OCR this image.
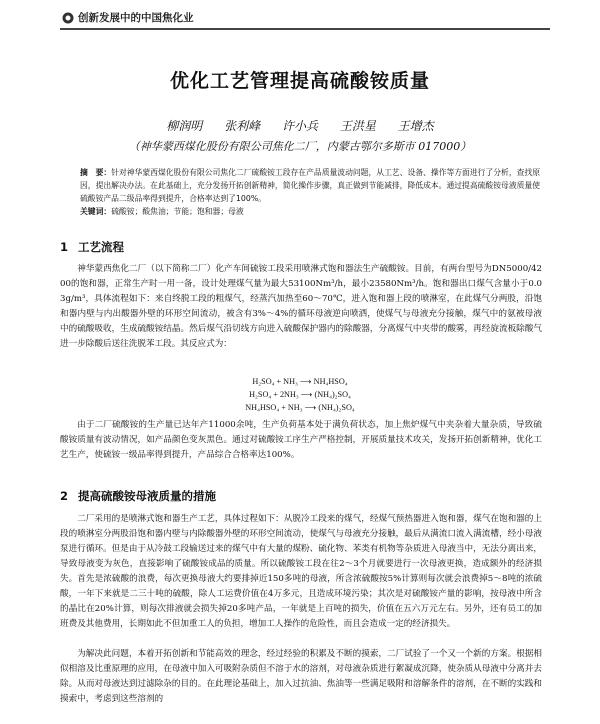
创新发展中的中国焦化业
优化工艺管理提高硫酸铵质量
柳润明 张利峰 许小兵 王洪星 王增杰
（神华蒙西煤化股份有限公司焦化二厂，内蒙古鄂尔多斯市 017000）
摘　要：针对神华蒙西煤化股份有限公司焦化二厂硫酸铵工段存在产品质量波动问题，从工艺、设备、操作等方面进行了分析，查找原因，提出解决办法。在此基础上，充分发扬开拓创新精神，简化操作步骤，真正做到节能减排，降低成本。通过提高硫酸铵母液质量使硫酸铵产品二级品率得到提升，合格率达到了100%。
关键词：硫酸铵；酸焦油；节能；饱和器；母液
1 工艺流程
神华蒙西焦化二厂（以下简称二厂）化产车间硫铵工段采用喷淋式饱和器法生产硫酸铵。目前，有两台型号为DN5000/4200的饱和器，正常生产时一用一备，设计处理煤气量为最大53100Nm³/h，最小23580Nm³/h。饱和器出口煤气含量小于0.03g/m³，具体流程如下：来自终脱工段的粗煤气，经蒸汽加热至60～70℃，进入饱和器上段的喷淋室，在此煤气分两股，沿饱和器内壁与内出酸器外壁的环形空间流动，被含有3%～4%的循环母液逆向喷洒，使煤气与母液充分接触，煤气中的氨被母液中的硫酸吸收，生成硫酸铵结晶。然后煤气沿切线方向进入硫酸保护器内的除酸器，分离煤气中夹带的酸雾，再经旋流板除酸气进一步除酸后送往洗脱苯工段。其反应式为：
H₂SO₄ + NH₃ ⟶ NH₄HSO₄
H₂SO₄ + 2NH₃ ⟶ (NH₄)₂SO₄
NH₄HSO₄ + NH₃ ⟶ (NH₄)₂SO₄
由于二厂硫酸铵的生产量已达年产11000余吨，生产负荷基本处于满负荷状态，加上焦炉煤气中夹杂着大量杂质，导致硫酸铵质量有波动情况，如产品颜色变灰黑色。通过对硫酸铵工序生产严格控制，开展质量技术攻关，发扬开拓创新精神，优化工艺生产，使硫铵一级品率得到提升，产品综合合格率达100%。
2 提高硫酸铵母液质量的措施
二厂采用的是喷淋式饱和器生产工艺，具体过程如下：从脱冷工段来的煤气，经煤气预热器进入饱和器，煤气在饱和器的上段的喷淋室分两股沿饱和器内壁与内除酸器外壁的环形空间流动，使煤气与母液充分接触，最后从满流口流入满流槽，经小母液泵进行循环。但是由于从冷鼓工段输送过来的煤气中有大量的煤粉、硫化物、苯类有机物等杂质进入母液当中，无法分离出来，导致母液变为灰色，直接影响了硫酸铵成品的质量。所以硫酸铵工段在往2～3个月就要进行一次母液更换，造成额外的经济损失。首先是浓硫酸的浪费，每次更换母液大约要排掉近150多吨的母液，所含浓硫酸按5%计算则每次就会浪费掉5～8吨的浓硫酸，一年下来就是二三十吨的硫酸，除人工运费价值在4万多元，且造成环境污染；其次是对硫酸铵产量的影响，按母液中所含的晶比在20%计算，则每次排液就会损失掉20多吨产品，一年就是上百吨的损失，价值在五六万元左右。另外，还有员工的加班费及其他费用，长期如此不但加重工人的负担，增加工人操作的危险性，而且会造成一定的经济损失。
为解决此问题，本着开拓创新和节能高效的理念，经过经验的积累及不断的摸索，二厂试验了一个又一个新的方案。根据相似相溶及比重原理的应用，在母液中加入可吸附杂质但不溶于水的溶剂，对母液杂质进行絮凝成沉降，使杂质从母液中分离并去除。从而对母液达到过滤除杂的目的。在此理论基础上，加入过抗油、焦油等一些满足吸附和溶解条件的溶剂，在不断的实践和摸索中，考虑到这些溶剂的
